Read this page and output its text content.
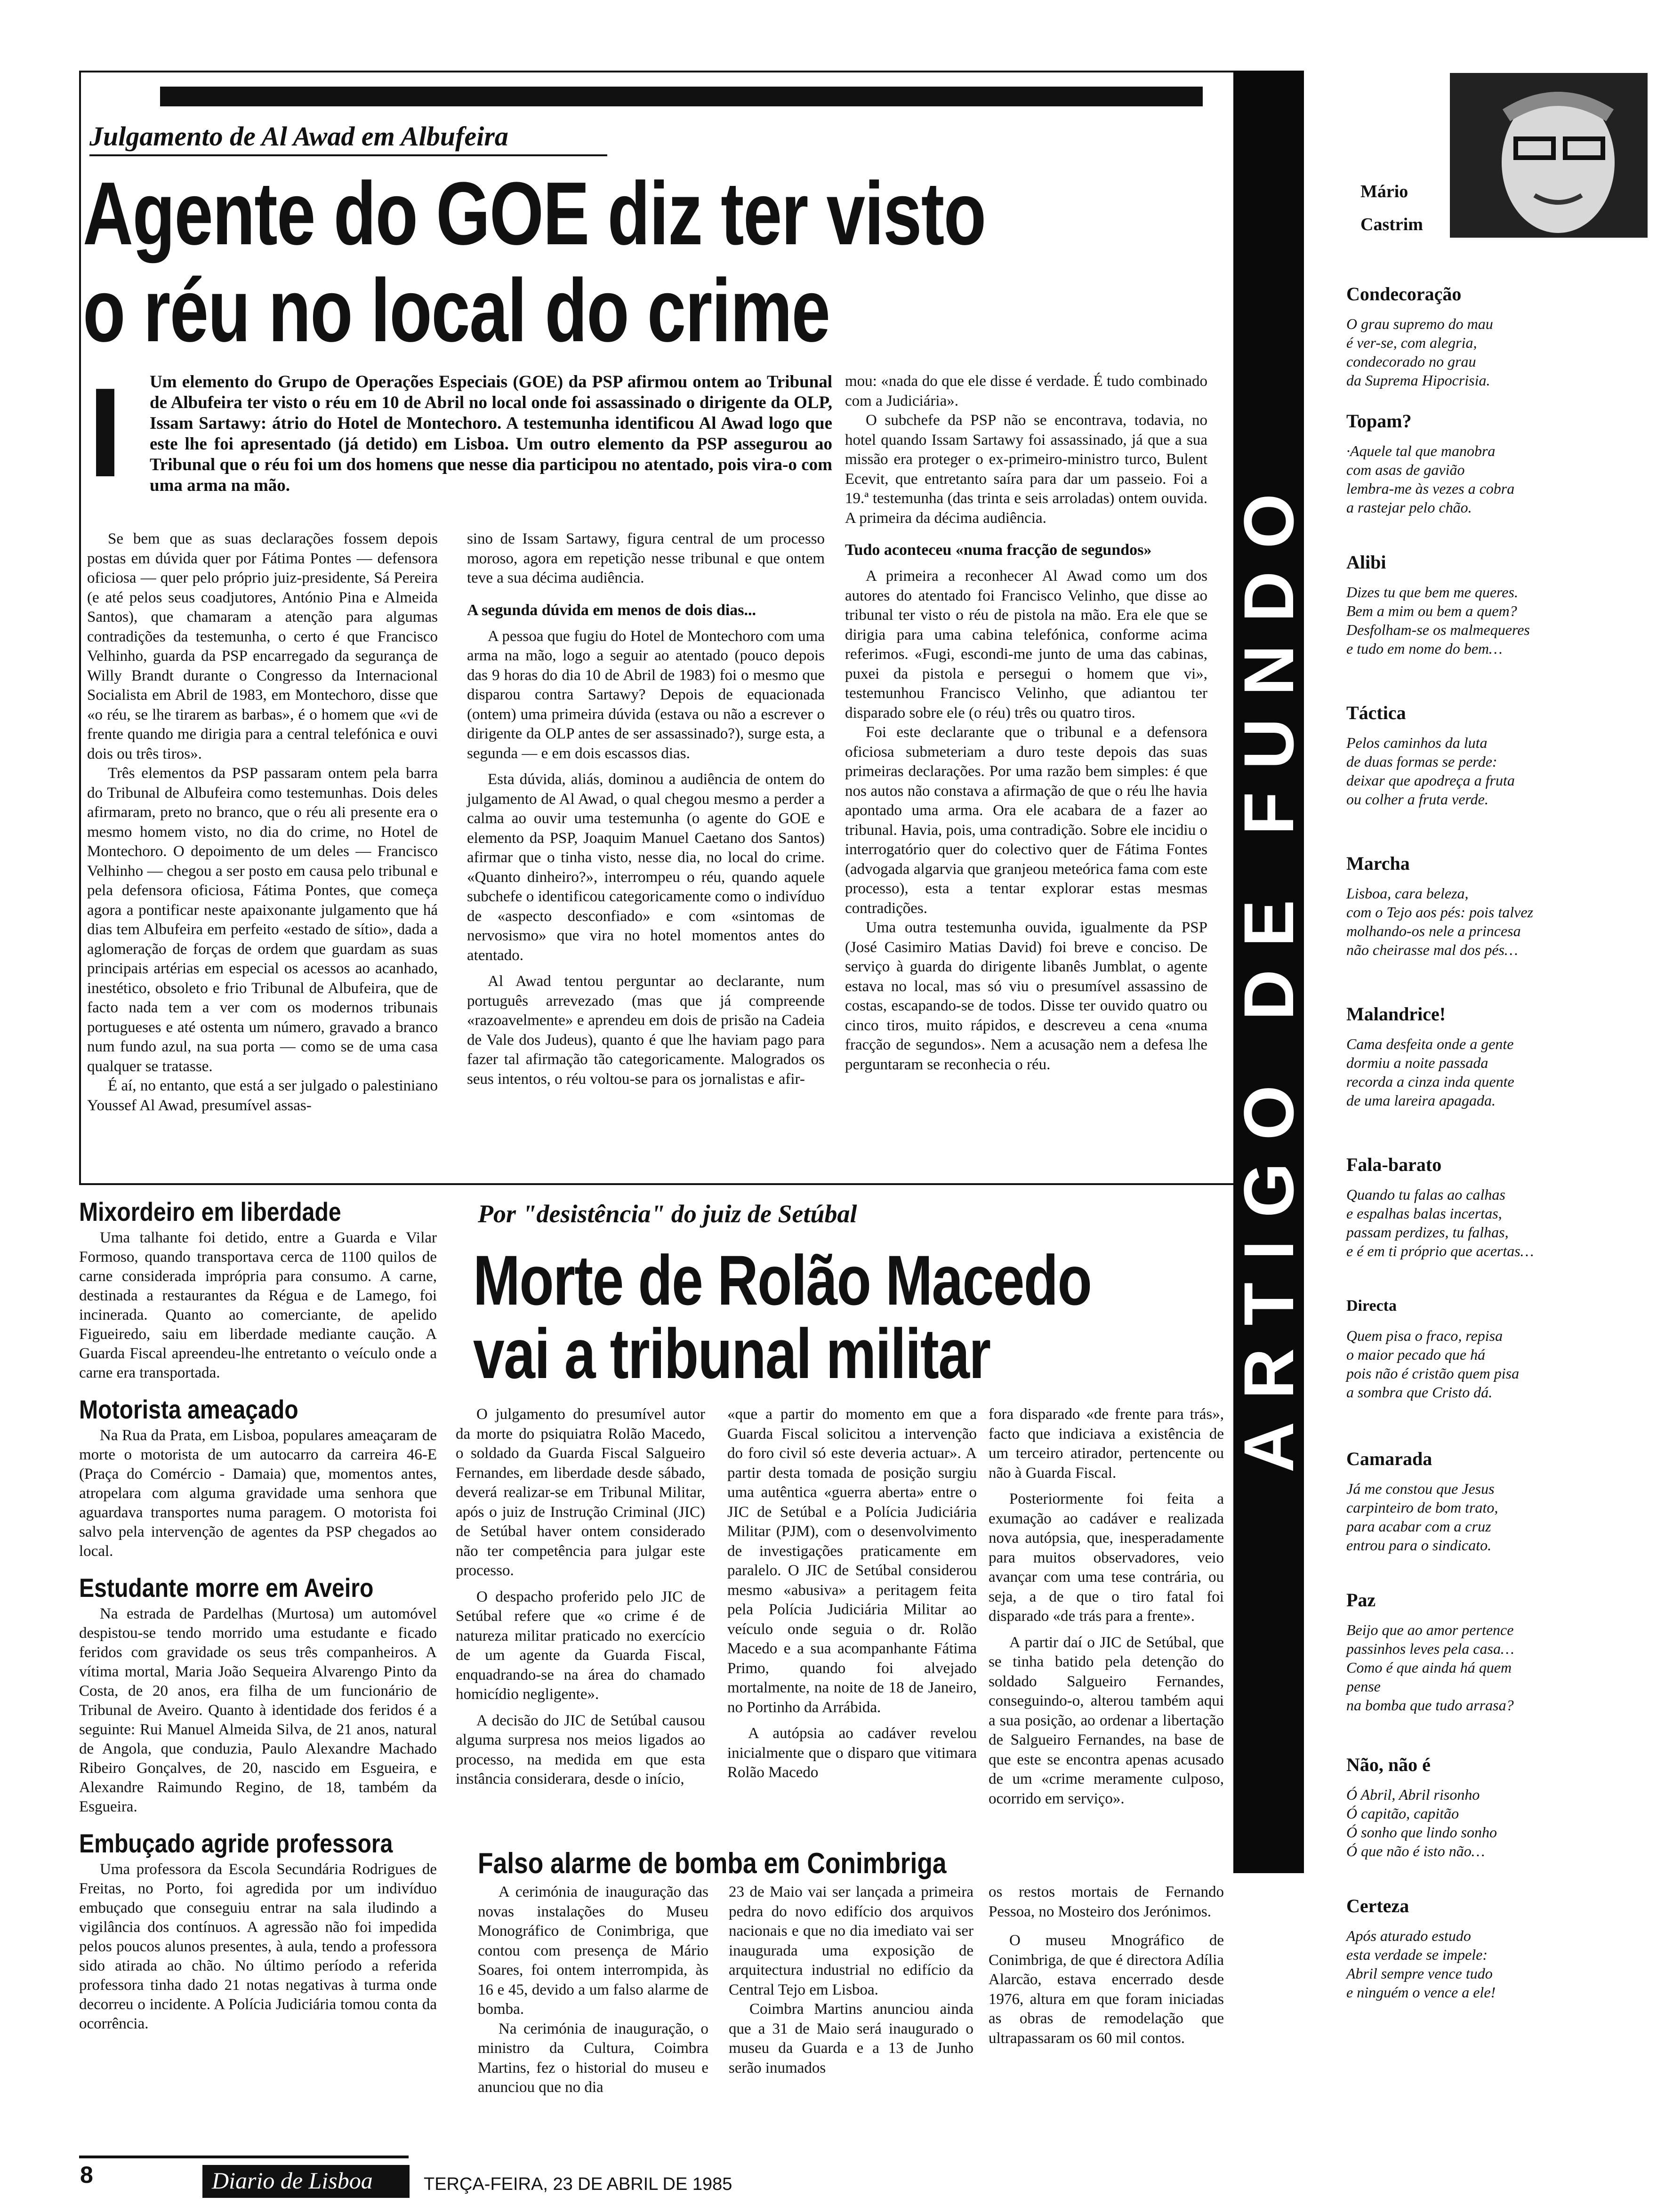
Julgamento de Al Awad em Albufeira
Agente do GOE diz ter visto
o réu no local do crime
I Um elemento do Grupo de Operações Especiais (GOE) da PSP afirmou ontem ao Tribunal de Albufeira ter visto o réu em 10 de Abril no local onde foi assassinado o dirigente da OLP, Issam Sartawy: átrio do Hotel de Montechoro. A testemunha identificou Al Awad logo que este lhe foi apresentado (já detido) em Lisboa. Um outro elemento da PSP assegurou ao Tribunal que o réu foi um dos homens que nesse dia participou no atentado, pois vira-o com uma arma na mão.

Se bem que as suas declarações fossem depois postas em dúvida quer por Fátima Pontes — defensora oficiosa — quer pelo próprio juiz-presidente, Sá Pereira (e até pelos seus coadjutores, António Pina e Almeida Santos), que chamaram a atenção para algumas contradições da testemunha, o certo é que Francisco Velhinho, guarda da PSP encarregado da segurança de Willy Brandt durante o Congresso da Internacional Socialista em Abril de 1983, em Montechoro, disse que «o réu, se lhe tirarem as barbas», é o homem que «vi de frente quando me dirigia para a central telefónica e ouvi dois ou três tiros».

Três elementos da PSP passaram ontem pela barra do Tribunal de Albufeira como testemunhas. Dois deles afirmaram, preto no branco, que o réu ali presente era o mesmo homem visto, no dia do crime, no Hotel de Montechoro. O depoimento de um deles — Francisco Velhinho — chegou a ser posto em causa pelo tribunal e pela defensora oficiosa, Fátima Pontes, que começa agora a pontificar neste apaixonante julgamento que há dias tem Albufeira em perfeito «estado de sítio», dada a aglomeração de forças de ordem que guardam as suas principais artérias em especial os acessos ao acanhado, inestético, obsoleto e frio Tribunal de Albufeira, que de facto nada tem a ver com os modernos tribunais portugueses e até ostenta um número, gravado a branco num fundo azul, na sua porta — como se de uma casa qualquer se tratasse.

É aí, no entanto, que está a ser julgado o palestiniano Youssef Al Awad, presumível assas-

sino de Issam Sartawy, figura central de um processo moroso, agora em repetição nesse tribunal e que ontem teve a sua décima audiência.

A segunda dúvida em menos de dois dias...

A pessoa que fugiu do Hotel de Montechoro com uma arma na mão, logo a seguir ao atentado (pouco depois das 9 horas do dia 10 de Abril de 1983) foi o mesmo que disparou contra Sartawy? Depois de equacionada (ontem) uma primeira dúvida (estava ou não a escrever o dirigente da OLP antes de ser assassinado?), surge esta, a segunda — e em dois escassos dias.

Esta dúvida, aliás, dominou a audiência de ontem do julgamento de Al Awad, o qual chegou mesmo a perder a calma ao ouvir uma testemunha (o agente do GOE e elemento da PSP, Joaquim Manuel Caetano dos Santos) afirmar que o tinha visto, nesse dia, no local do crime. «Quanto dinheiro?», interrompeu o réu, quando aquele subchefe o identificou categoricamente como o indivíduo de «aspecto desconfiado» e com «sintomas de nervosismo» que vira no hotel momentos antes do atentado.

Al Awad tentou perguntar ao declarante, num português arrevezado (mas que já compreende «razoavelmente» e aprendeu em dois de prisão na Cadeia de Vale dos Judeus), quanto é que lhe haviam pago para fazer tal afirmação tão categoricamente. Malogrados os seus intentos, o réu voltou-se para os jornalistas e afir-

mou: «nada do que ele disse é verdade. É tudo combinado com a Judiciária».

O subchefe da PSP não se encontrava, todavia, no hotel quando Issam Sartawy foi assassinado, já que a sua missão era proteger o ex-primeiro-ministro turco, Bulent Ecevit, que entretanto saíra para dar um passeio. Foi a 19.ª testemunha (das trinta e seis arroladas) ontem ouvida. A primeira da décima audiência.

Tudo aconteceu «numa fracção de segundos»

A primeira a reconhecer Al Awad como um dos autores do atentado foi Francisco Velinho, que disse ao tribunal ter visto o réu de pistola na mão. Era ele que se dirigia para uma cabina telefónica, conforme acima referimos. «Fugi, escondi-me junto de uma das cabinas, puxei da pistola e persegui o homem que vi», testemunhou Francisco Velinho, que adiantou ter disparado sobre ele (o réu) três ou quatro tiros.

Foi este declarante que o tribunal e a defensora oficiosa submeteriam a duro teste depois das suas primeiras declarações. Por uma razão bem simples: é que nos autos não constava a afirmação de que o réu lhe havia apontado uma arma. Ora ele acabara de a fazer ao tribunal. Havia, pois, uma contradição. Sobre ele incidiu o interrogatório quer do colectivo quer de Fátima Fontes (advogada algarvia que granjeou meteórica fama com este processo), esta a tentar explorar estas mesmas contradições.

Uma outra testemunha ouvida, igualmente da PSP (José Casimiro Matias David) foi breve e conciso. De serviço à guarda do dirigente libanês Jumblat, o agente estava no local, mas só viu o presumível assassino de costas, escapando-se de todos. Disse ter ouvido quatro ou cinco tiros, muito rápidos, e descreveu a cena «numa fracção de segundos». Nem a acusação nem a defesa lhe perguntaram se reconhecia o réu.

Mixordeiro em liberdade

Uma talhante foi detido, entre a Guarda e Vilar Formoso, quando transportava cerca de 1100 quilos de carne considerada imprópria para consumo. A carne, destinada a restaurantes da Régua e de Lamego, foi incinerada. Quanto ao comerciante, de apelido Figueiredo, saiu em liberdade mediante caução. A Guarda Fiscal apreendeu-lhe entretanto o veículo onde a carne era transportada.

Motorista ameaçado

Na Rua da Prata, em Lisboa, populares ameaçaram de morte o motorista de um autocarro da carreira 46-E (Praça do Comércio - Damaia) que, momentos antes, atropelara com alguma gravidade uma senhora que aguardava transportes numa paragem. O motorista foi salvo pela intervenção de agentes da PSP chegados ao local.

Estudante morre em Aveiro

Na estrada de Pardelhas (Murtosa) um automóvel despistou-se tendo morrido uma estudante e ficado feridos com gravidade os seus três companheiros. A vítima mortal, Maria João Sequeira Alvarengo Pinto da Costa, de 20 anos, era filha de um funcionário de Tribunal de Aveiro. Quanto à identidade dos feridos é a seguinte: Rui Manuel Almeida Silva, de 21 anos, natural de Angola, que conduzia, Paulo Alexandre Machado Ribeiro Gonçalves, de 20, nascido em Esgueira, e Alexandre Raimundo Regino, de 18, também da Esgueira.

Embuçado agride professora

Uma professora da Escola Secundária Rodrigues de Freitas, no Porto, foi agredida por um indivíduo embuçado que conseguiu entrar na sala iludindo a vigilância dos contínuos. A agressão não foi impedida pelos poucos alunos presentes, à aula, tendo a professora sido atirada ao chão. No último período a referida professora tinha dado 21 notas negativas à turma onde decorreu o incidente. A Polícia Judiciária tomou conta da ocorrência.

Por "desistência" do juiz de Setúbal
Morte de Rolão Macedo
vai a tribunal militar

O julgamento do presumível autor da morte do psiquiatra Rolão Macedo, o soldado da Guarda Fiscal Salgueiro Fernandes, em liberdade desde sábado, deverá realizar-se em Tribunal Militar, após o juiz de Instrução Criminal (JIC) de Setúbal haver ontem considerado não ter competência para julgar este processo.

O despacho proferido pelo JIC de Setúbal refere que «o crime é de natureza militar praticado no exercício de um agente da Guarda Fiscal, enquadrando-se na área do chamado homicídio negligente».

A decisão do JIC de Setúbal causou alguma surpresa nos meios ligados ao processo, na medida em que esta instância considerara, desde o início,

«que a partir do momento em que a Guarda Fiscal solicitou a intervenção do foro civil só este deveria actuar». A partir desta tomada de posição surgiu uma autêntica «guerra aberta» entre o JIC de Setúbal e a Polícia Judiciária Militar (PJM), com o desenvolvimento de investigações praticamente em paralelo. O JIC de Setúbal considerou mesmo «abusiva» a peritagem feita pela Polícia Judiciária Militar ao veículo onde seguia o dr. Rolão Macedo e a sua acompanhante Fátima Primo, quando foi alvejado mortalmente, na noite de 18 de Janeiro, no Portinho da Arrábida.

A autópsia ao cadáver revelou inicialmente que o disparo que vitimara Rolão Macedo

fora disparado «de frente para trás», facto que indiciava a existência de um terceiro atirador, pertencente ou não à Guarda Fiscal.

Posteriormente foi feita a exumação ao cadáver e realizada nova autópsia, que, inesperadamente para muitos observadores, veio avançar com uma tese contrária, ou seja, a de que o tiro fatal foi disparado «de trás para a frente».

A partir daí o JIC de Setúbal, que se tinha batido pela detenção do soldado Salgueiro Fernandes, conseguindo-o, alterou também aqui a sua posição, ao ordenar a libertação de Salgueiro Fernandes, na base de que este se encontra apenas acusado de um «crime meramente culposo, ocorrido em serviço».

Falso alarme de bomba em Conimbriga

A cerimónia de inauguração das novas instalações do Museu Monográfico de Conimbriga, que contou com presença de Mário Soares, foi ontem interrompida, às 16 e 45, devido a um falso alarme de bomba.

Na cerimónia de inauguração, o ministro da Cultura, Coimbra Martins, fez o historial do museu e anunciou que no dia

23 de Maio vai ser lançada a primeira pedra do novo edifício dos arquivos nacionais e que no dia imediato vai ser inaugurada uma exposição de arquitectura industrial no edifício da Central Tejo em Lisboa.

Coimbra Martins anunciou ainda que a 31 de Maio será inaugurado o museu da Guarda e a 13 de Junho serão inumados

os restos mortais de Fernando Pessoa, no Mosteiro dos Jerónimos.

O museu Mnográfico de Conimbriga, de que é directora Adília Alarcão, estava encerrado desde 1976, altura em que foram iniciadas as obras de remodelação que ultrapassaram os 60 mil contos.

ARTIGO DE FUNDO
Mário
Castrim
Condecoração
O grau supremo do mau
é ver-se, com alegria,
condecorado no grau
da Suprema Hipocrisia.
Topam?
·Aquele tal que manobra
com asas de gavião
lembra-me às vezes a cobra
a rastejar pelo chão.
Alibi
Dizes tu que bem me queres.
Bem a mim ou bem a quem?
Desfolham-se os malmequeres
e tudo em nome do bem…
Táctica
Pelos caminhos da luta
de duas formas se perde:
deixar que apodreça a fruta
ou colher a fruta verde.
Marcha
Lisboa, cara beleza,
com o Tejo aos pés: pois talvez
molhando-os nele a princesa
não cheirasse mal dos pés…
Malandrice!
Cama desfeita onde a gente
dormiu a noite passada
recorda a cinza inda quente
de uma lareira apagada.
Fala-barato
Quando tu falas ao calhas
e espalhas balas incertas,
passam perdizes, tu falhas,
e é em ti próprio que acertas…
Directa
Quem pisa o fraco, repisa
o maior pecado que há
pois não é cristão quem pisa
a sombra que Cristo dá.
Camarada
Já me constou que Jesus
carpinteiro de bom trato,
para acabar com a cruz
entrou para o sindicato.
Paz
Beijo que ao amor pertence
passinhos leves pela casa…
Como é que ainda há quem
pense
na bomba que tudo arrasa?
Não, não é
Ó Abril, Abril risonho
Ó capitão, capitão
Ó sonho que lindo sonho
Ó que não é isto não…
Certeza
Após aturado estudo
esta verdade se impele:
Abril sempre vence tudo
e ninguém o vence a ele!
8	Diario de Lisboa	TERÇA-FEIRA, 23 DE ABRIL DE 1985
